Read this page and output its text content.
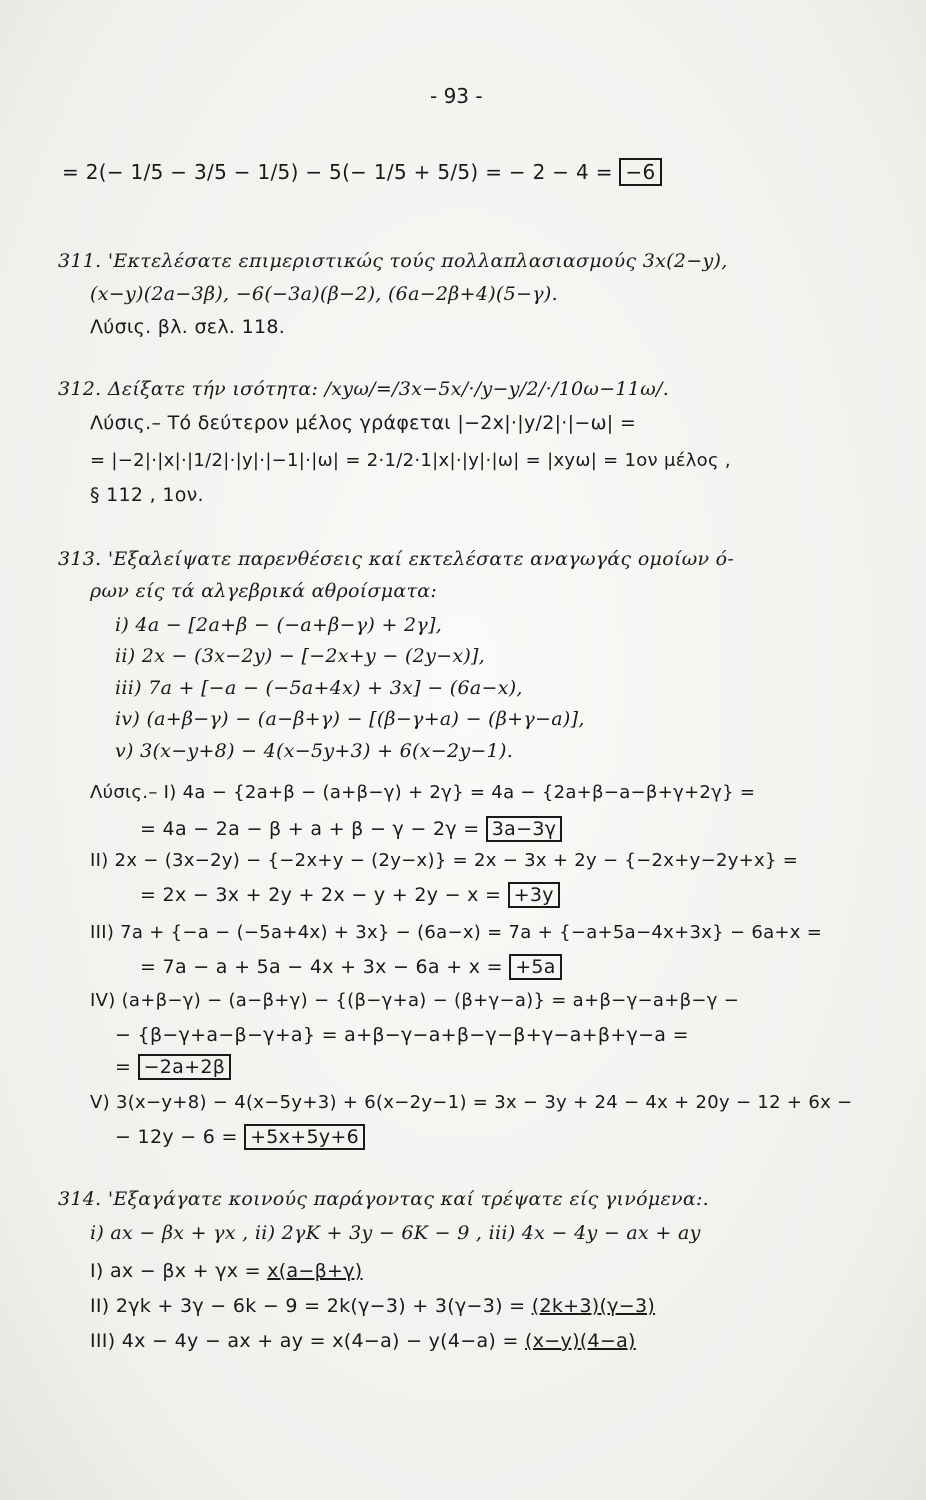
- 93 -
= 2(− 1/5 − 3/5 − 1/5) − 5(− 1/5 + 5/5) = − 2 − 4 = −6
311. 'Εκτελέσατε επιμεριστικώς τούς πολλαπλασιασμούς 3x(2−y),
(x−y)(2a−3β), −6(−3a)(β−2), (6a−2β+4)(5−γ).
Λύσις. βλ. σελ. 118.
312. Δείξατε τήν ισότητα: /xyω/=/3x−5x/·/y−y/2/·/10ω−11ω/.
Λύσις.– Τό δεύτερον μέλος γράφεται |−2x|·|y/2|·|−ω| =
= |−2|·|x|·|1/2|·|y|·|−1|·|ω| = 2·1/2·1|x|·|y|·|ω| = |xyω| = 1ον μέλος ,
§ 112 , 1ον.
313. 'Εξαλείψατε παρενθέσεις καί εκτελέσατε αναγωγάς ομοίων ό-
ρων είς τά αλγεβρικά αθροίσματα:
i) 4a − [2a+β − (−a+β−γ) + 2γ],
ii) 2x − (3x−2y) − [−2x+y − (2y−x)],
iii) 7a + [−a − (−5a+4x) + 3x] − (6a−x),
iv) (a+β−γ) − (a−β+γ) − [(β−γ+a) − (β+γ−a)],
v) 3(x−y+8) − 4(x−5y+3) + 6(x−2y−1).
Λύσις.– I) 4a − {2a+β − (a+β−γ) + 2γ} = 4a − {2a+β−a−β+γ+2γ} =
= 4a − 2a − β + a + β − γ − 2γ = 3a−3γ
II) 2x − (3x−2y) − {−2x+y − (2y−x)} = 2x − 3x + 2y − {−2x+y−2y+x} =
= 2x − 3x + 2y + 2x − y + 2y − x = +3y
III) 7a + {−a − (−5a+4x) + 3x} − (6a−x) = 7a + {−a+5a−4x+3x} − 6a+x =
= 7a − a + 5a − 4x + 3x − 6a + x = +5a
IV) (a+β−γ) − (a−β+γ) − {(β−γ+a) − (β+γ−a)} = a+β−γ−a+β−γ −
− {β−γ+a−β−γ+a} = a+β−γ−a+β−γ−β+γ−a+β+γ−a =
= −2a+2β
V) 3(x−y+8) − 4(x−5y+3) + 6(x−2y−1) = 3x − 3y + 24 − 4x + 20y − 12 + 6x −
− 12y − 6 = +5x+5y+6
314. 'Εξαγάγατε κοινούς παράγοντας καί τρέψατε είς γινόμενα:.
i) ax − βx + γx , ii) 2γK + 3y − 6K − 9 , iii) 4x − 4y − ax + ay
I) ax − βx + γx = x(a−β+γ)
II) 2γk + 3γ − 6k − 9 = 2k(γ−3) + 3(γ−3) = (2k+3)(γ−3)
III) 4x − 4y − ax + ay = x(4−a) − y(4−a) = (x−y)(4−a)
